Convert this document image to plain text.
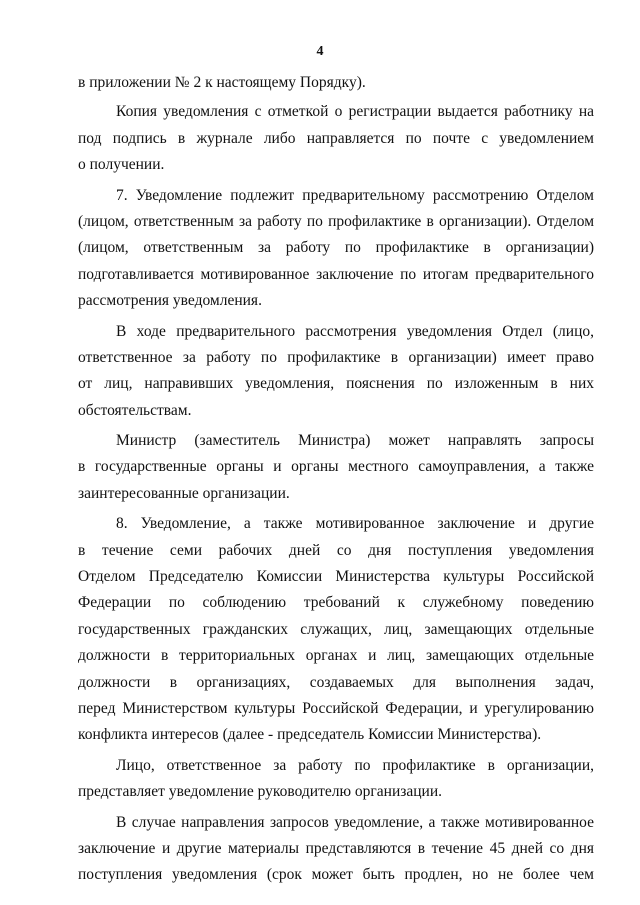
4
в приложении № 2 к настоящему Порядку).
Копия уведомления с отметкой о регистрации выдается работнику на
под подпись в журнале либо направляется по почте с уведомлением
о получении.
7. Уведомление подлежит предварительному рассмотрению Отделом
(лицом, ответственным за работу по профилактике в организации). Отделом
(лицом, ответственным за работу по профилактике в организации)
подготавливается мотивированное заключение по итогам предварительного
рассмотрения уведомления.
В ходе предварительного рассмотрения уведомления Отдел (лицо,
ответственное за работу по профилактике в организации) имеет право
от лиц, направивших уведомления, пояснения по изложенным в них
обстоятельствам.
Министр (заместитель Министра) может направлять запросы
в государственные органы и органы местного самоуправления, а также
заинтересованные организации.
8. Уведомление, а также мотивированное заключение и другие
в течение семи рабочих дней со дня поступления уведомления
Отделом Председателю Комиссии Министерства культуры Российской
Федерации по соблюдению требований к служебному поведению
государственных гражданских служащих, лиц, замещающих отдельные
должности в территориальных органах и лиц, замещающих отдельные
должности в организациях, создаваемых для выполнения задач,
перед Министерством культуры Российской Федерации, и урегулированию
конфликта интересов (далее - председатель Комиссии Министерства).
Лицо, ответственное за работу по профилактике в организации,
представляет уведомление руководителю организации.
В случае направления запросов уведомление, а также мотивированное
заключение и другие материалы представляются в течение 45 дней со дня
поступления уведомления (срок может быть продлен, но не более чем
